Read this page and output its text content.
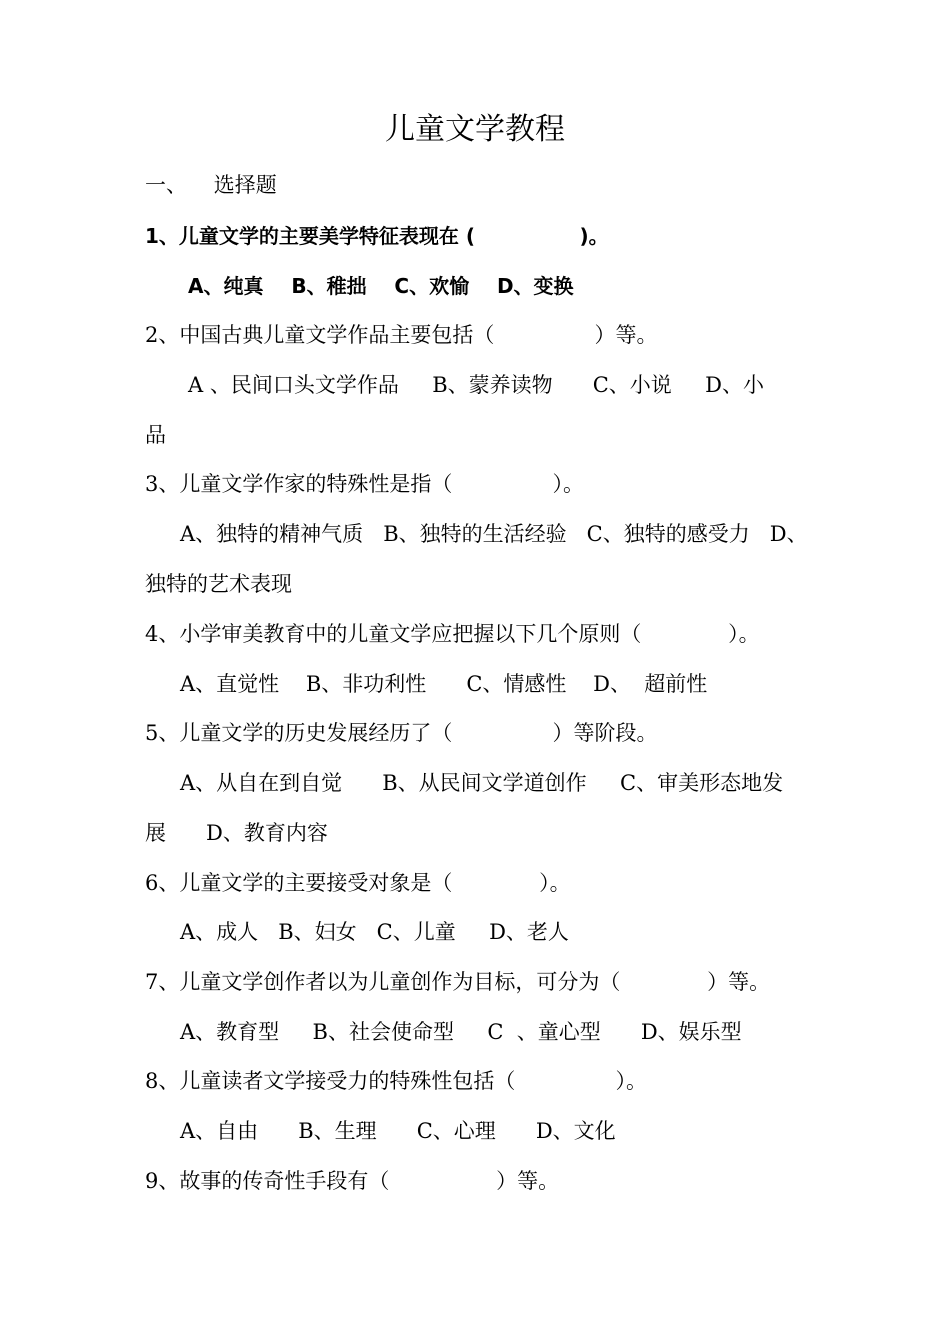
儿童文学教程
一、    选择题
1、儿童文学的主要美学特征表现在 (               )。
A、纯真    B、稚拙    C、欢愉    D、变换
2、中国古典儿童文学作品主要包括（               ）等。
A 、民间口头文学作品     B、蒙养读物      C、小说     D、小
品
3、儿童文学作家的特殊性是指（               ）。
A、独特的精神气质   B、独特的生活经验   C、独特的感受力   D、
独特的艺术表现
4、小学审美教育中的儿童文学应把握以下几个原则（             ）。
A、直觉性    B、非功利性      C、情感性    D、  超前性
5、儿童文学的历史发展经历了（               ）等阶段。
A、从自在到自觉      B、从民间文学道创作     C、审美形态地发
展      D、教育内容
6、儿童文学的主要接受对象是（             ）。
A、成人   B、妇女   C、儿童     D、老人
7、儿童文学创作者以为儿童创作为目标，可分为（             ）等。
A、教育型     B、社会使命型     C  、童心型      D、娱乐型
8、儿童读者文学接受力的特殊性包括（               ）。
A、自由      B、生理      C、心理      D、文化
9、故事的传奇性手段有（                ）等。
